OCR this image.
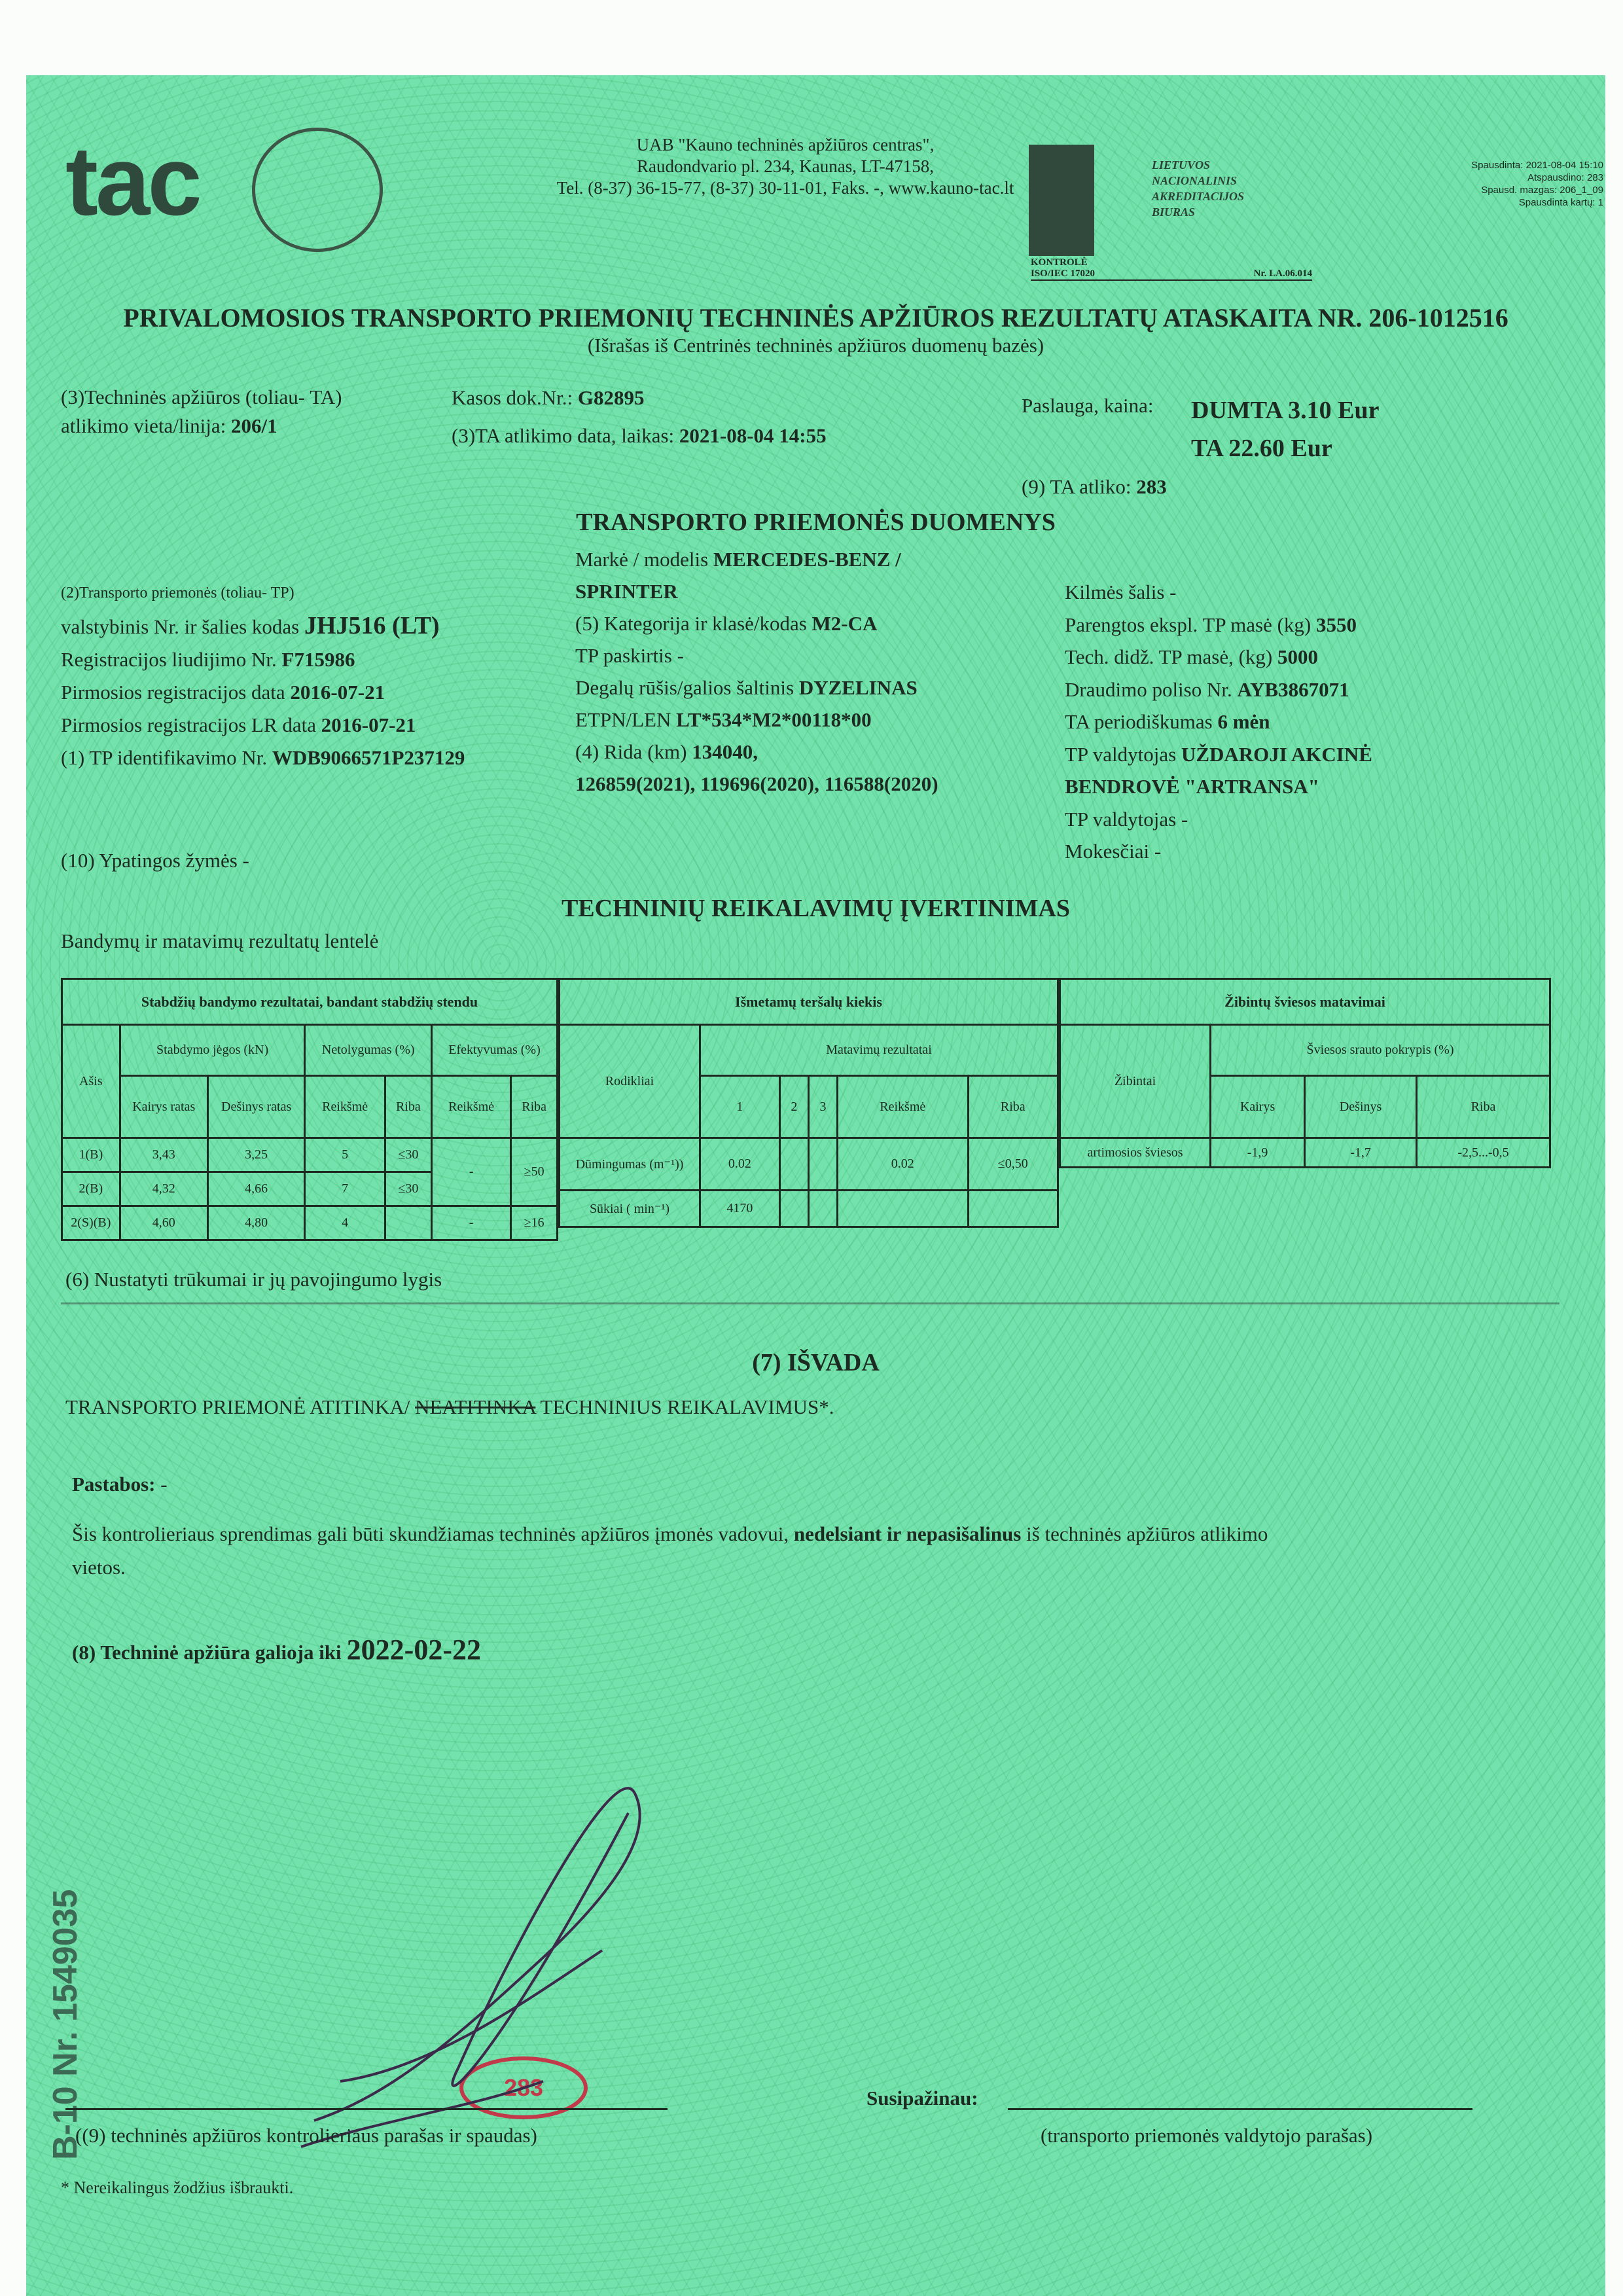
tac	UAB "Kauno techninės apžiūros centras",
Raudondvario pl. 234, Kaunas, LT-47158,
Tel. (8-37) 36-15-77, (8-37) 30-11-01, Faks. -, www.kauno-tac.lt
LIETUVOS
NACIONALINIS
AKREDITACIJOS
BIURAS
KONTROLĖ
ISO/IEC 17020	Nr. LA.06.014
Spausdinta: 2021-08-04 15:10
Atspausdino: 283
Spausd. mazgas: 206_1_09
Spausdinta kartų: 1
PRIVALOMOSIOS TRANSPORTO PRIEMONIŲ TECHNINĖS APŽIŪROS REZULTATŲ ATASKAITA NR. 206-1012516
(Išrašas iš Centrinės techninės apžiūros duomenų bazės)
(3)Techninės apžiūros (toliau- TA)
atlikimo vieta/linija: 206/1
Kasos dok.Nr.: G82895
(3)TA atlikimo data, laikas: 2021-08-04 14:55
Paslauga, kaina: DUMTA 3.10 Eur
TA 22.60 Eur
(9) TA atliko: 283
TRANSPORTO PRIEMONĖS DUOMENYS
(2)Transporto priemonės (toliau- TP)
valstybinis Nr. ir šalies kodas JHJ516 (LT)
Registracijos liudijimo Nr. F715986
Pirmosios registracijos data 2016-07-21
Pirmosios registracijos LR data 2016-07-21
(1) TP identifikavimo Nr. WDB9066571P237129
Markė / modelis MERCEDES-BENZ /
SPRINTER
(5) Kategorija ir klasė/kodas M2-CA
TP paskirtis -
Degalų rūšis/galios šaltinis DYZELINAS
ETPN/LEN LT*534*M2*00118*00
(4) Rida (km) 134040,
126859(2021), 119696(2020), 116588(2020)
Kilmės šalis -
Parengtos ekspl. TP masė (kg) 3550
Tech. didž. TP masė, (kg) 5000
Draudimo poliso Nr. AYB3867071
TA periodiškumas 6 mėn
TP valdytojas UŽDAROJI AKCINĖ
BENDROVĖ "ARTRANSA"
TP valdytojas -
Mokesčiai -
(10) Ypatingos žymės -
TECHNINIŲ REIKALAVIMŲ ĮVERTINIMAS
Bandymų ir matavimų rezultatų lentelė
Stabdžių bandymo rezultatai, bandant stabdžių stendu						
Ašis	Stabdymo jėgos (kN)		Netolygumas (%)		Efektyvumas (%)	
	Kairys ratas	Dešinys ratas	Reikšmė	Riba	Reikšmė	Riba
1(B)	3,43	3,25	5	≤30	-	≥50
2(B)	4,32	4,66	7	≤30		
2(S)(B)	4,60	4,80	4		-	≥16
Išmetamų teršalų kiekis					
Rodikliai	Matavimų rezultatai				
	1	2	3	Reikšmė	Riba
Dūmingumas (m⁻¹))	0.02			0.02	≤0,50
Sūkiai ( min⁻¹)	4170				
Žibintų šviesos matavimai			
Žibintai	Šviesos srauto pokrypis (%)		
	Kairys	Dešinys	Riba
artimosios šviesos	-1,9	-1,7	-2,5...-0,5
(6) Nustatyti trūkumai ir jų pavojingumo lygis
(7) IŠVADA
TRANSPORTO PRIEMONĖ ATITINKA/ NEATITINKA TECHNINIUS REIKALAVIMUS*.
Pastabos: -
Šis kontrolieriaus sprendimas gali būti skundžiamas techninės apžiūros įmonės vadovui, nedelsiant ir nepasišalinus iš techninės apžiūros atlikimo
vietos.
(8) Techninė apžiūra galioja iki 2022-02-22
B-10 Nr. 1549035	283	Susipažinau:
((9) techninės apžiūros kontrolieriaus parašas ir spaudas)	(transporto priemonės valdytojo parašas)
* Nereikalingus žodžius išbraukti.
